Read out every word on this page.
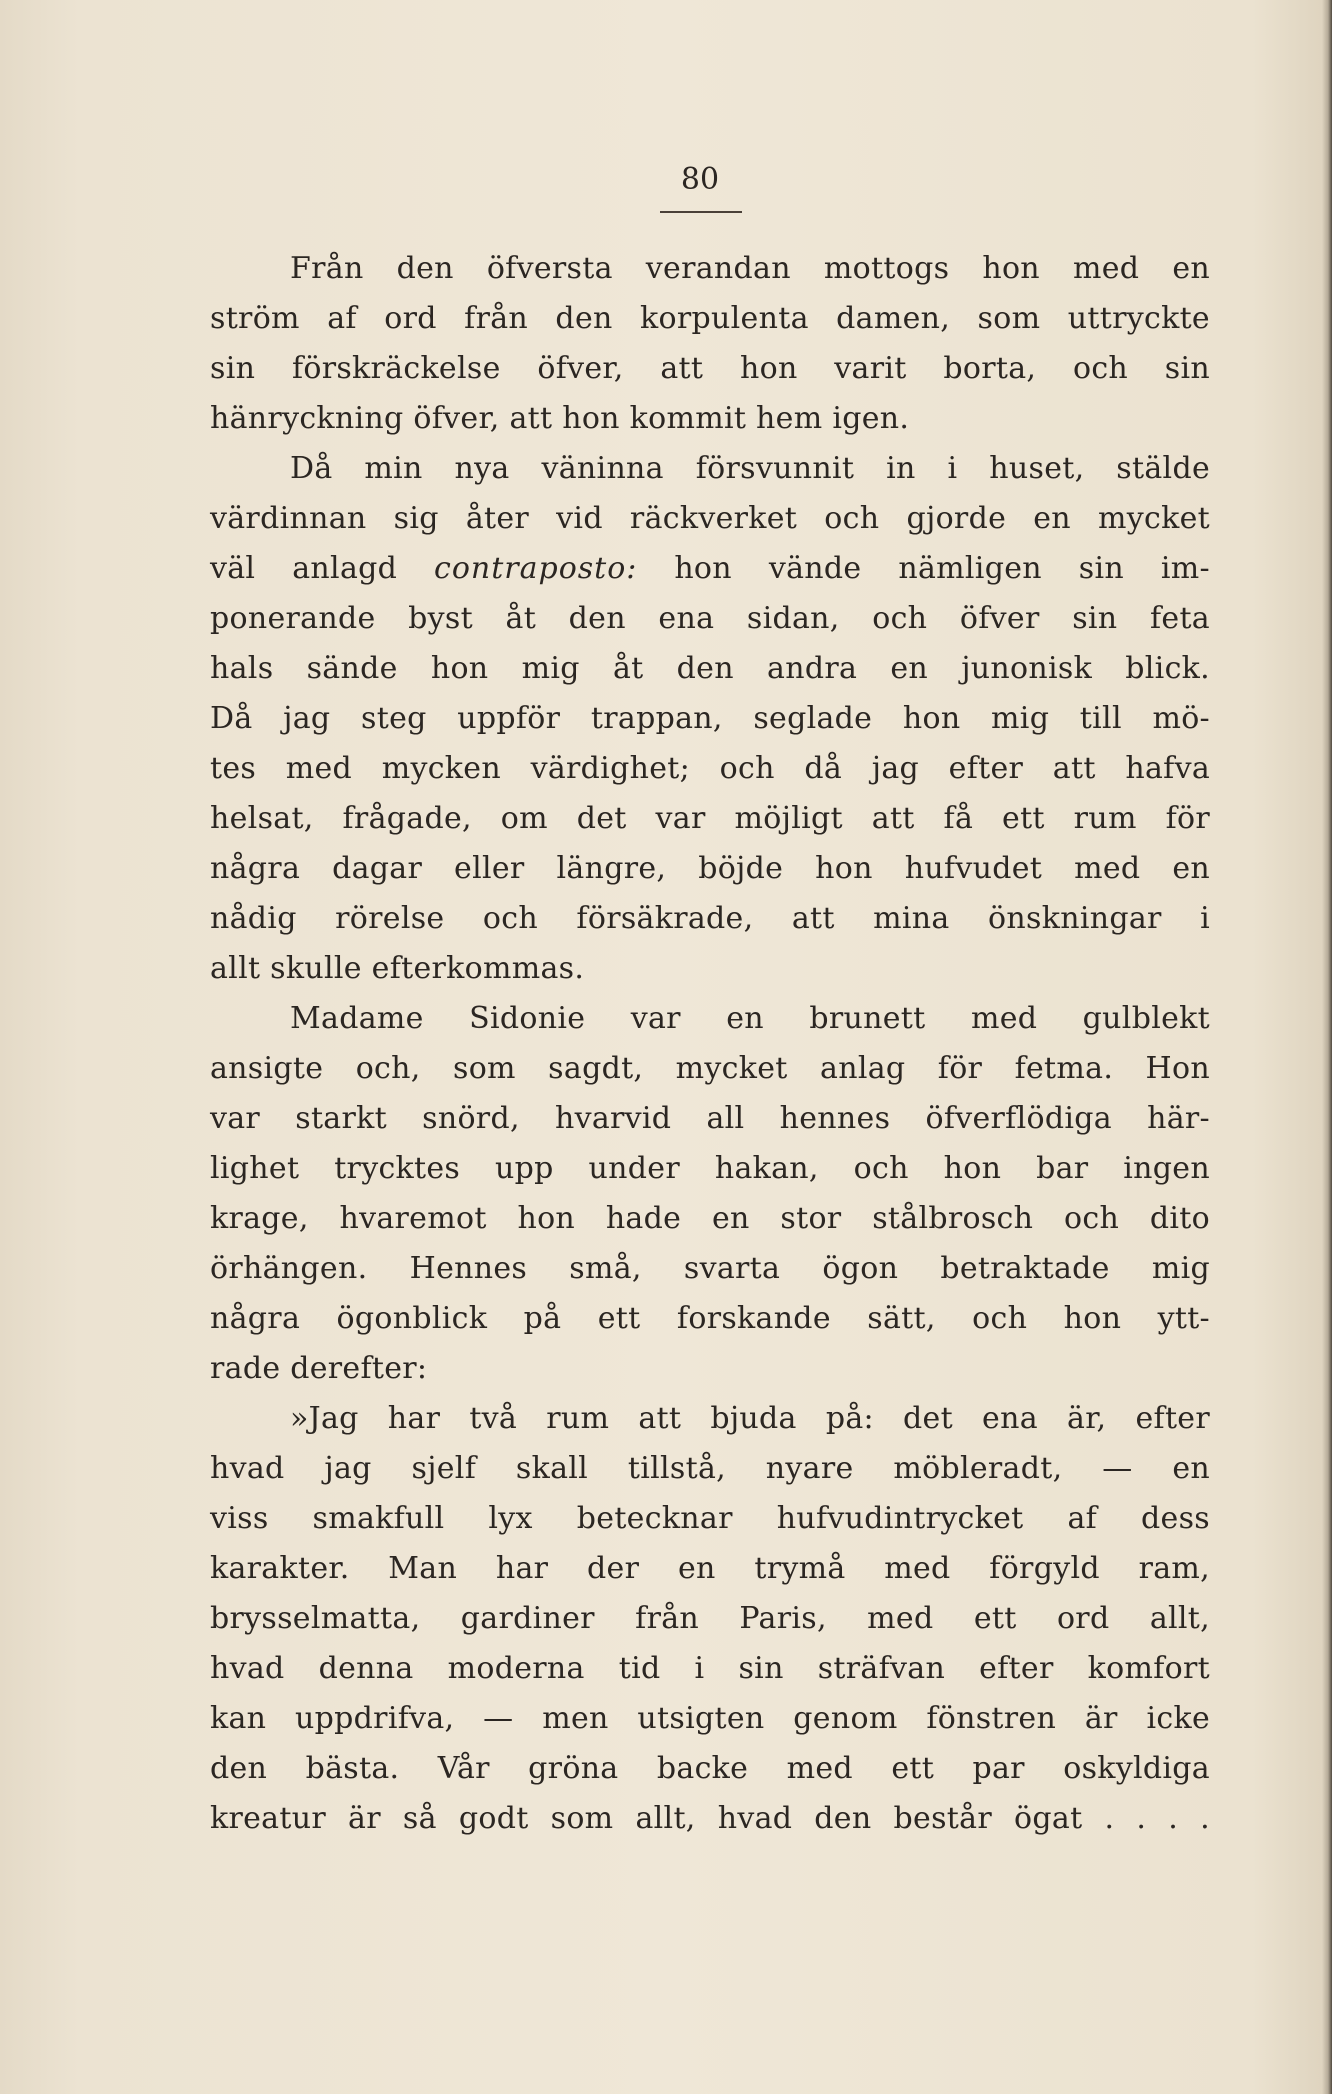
80

Från den öfversta verandan mottogs hon med en

ström af ord från den korpulenta damen, som uttryckte

sin förskräckelse öfver, att hon varit borta, och sin

hänryckning öfver, att hon kommit hem igen.

Då min nya väninna försvunnit in i huset, stälde

värdinnan sig åter vid räckverket och gjorde en mycket

väl anlagd contraposto: hon vände nämligen sin im-

ponerande byst åt den ena sidan, och öfver sin feta

hals sände hon mig åt den andra en junonisk blick.

Då jag steg uppför trappan, seglade hon mig till mö-

tes med mycken värdighet; och då jag efter att hafva

helsat, frågade, om det var möjligt att få ett rum för

några dagar eller längre, böjde hon hufvudet med en

nådig rörelse och försäkrade, att mina önskningar i

allt skulle efterkommas.

Madame Sidonie var en brunett med gulblekt

ansigte och, som sagdt, mycket anlag för fetma. Hon

var starkt snörd, hvarvid all hennes öfverflödiga här-

lighet trycktes upp under hakan, och hon bar ingen

krage, hvaremot hon hade en stor stålbrosch och dito

örhängen. Hennes små, svarta ögon betraktade mig

några ögonblick på ett forskande sätt, och hon ytt-

rade derefter:

»Jag har två rum att bjuda på: det ena är, efter

hvad jag sjelf skall tillstå, nyare möbleradt, — en

viss smakfull lyx betecknar hufvudintrycket af dess

karakter. Man har der en trymå med förgyld ram,

brysselmatta, gardiner från Paris, med ett ord allt,

hvad denna moderna tid i sin sträfvan efter komfort

kan uppdrifva, — men utsigten genom fönstren är icke

den bästa. Vår gröna backe med ett par oskyldiga

kreatur är så godt som allt, hvad den består ögat . . . .
